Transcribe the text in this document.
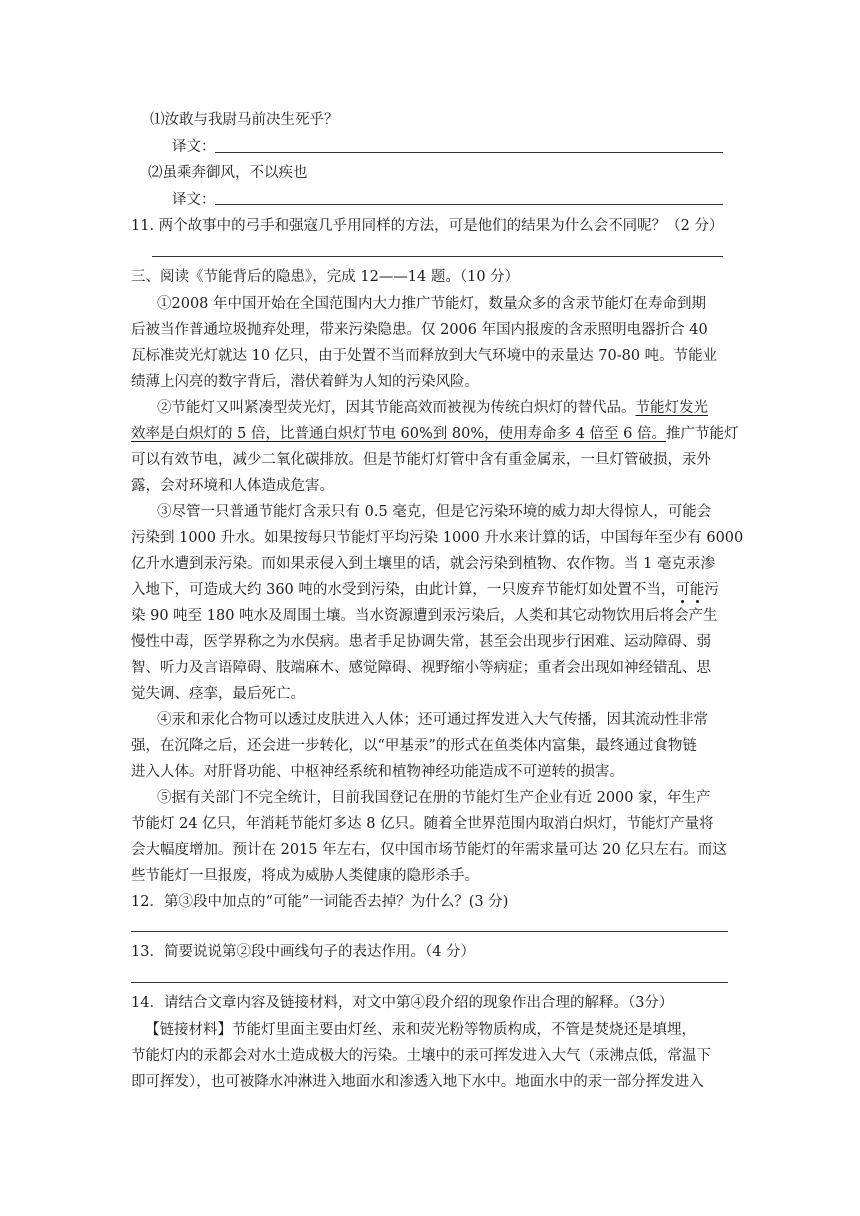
⑴汝敢与我尉马前决生死乎？
译文：
⑵虽乘奔御风，不以疾也
译文：
11. 两个故事中的弓手和强寇几乎用同样的方法，可是他们的结果为什么会不同呢？（2 分）
三、阅读《节能背后的隐患》，完成 12——14 题。（10 分）
①2008 年中国开始在全国范围内大力推广节能灯，数量众多的含汞节能灯在寿命到期
后被当作普通垃圾抛弃处理，带来污染隐患。仅 2006 年国内报废的含汞照明电器折合 40
瓦标准荧光灯就达 10 亿只，由于处置不当而释放到大气环境中的汞量达 70-80 吨。节能业
绩薄上闪亮的数字背后，潜伏着鲜为人知的污染风险。
②节能灯又叫紧凑型荧光灯，因其节能高效而被视为传统白炽灯的替代品。节能灯发光
效率是白炽灯的 5 倍，比普通白炽灯节电 60%到 80%，使用寿命多 4 倍至 6 倍。推广节能灯
可以有效节电，减少二氧化碳排放。但是节能灯灯管中含有重金属汞，一旦灯管破损，汞外
露，会对环境和人体造成危害。
③尽管一只普通节能灯含汞只有 0.5 毫克，但是它污染环境的威力却大得惊人，可能会
污染到 1000 升水。如果按每只节能灯平均污染 1000 升水来计算的话，中国每年至少有 6000
亿升水遭到汞污染。而如果汞侵入到土壤里的话，就会污染到植物、农作物。当 1 毫克汞渗
入地下，可造成大约 360 吨的水受到污染，由此计算，一只废弃节能灯如处置不当，可能污
染 90 吨至 180 吨水及周围土壤。当水资源遭到汞污染后，人类和其它动物饮用后将会产生
慢性中毒，医学界称之为水俣病。患者手足协调失常，甚至会出现步行困难、运动障碍、弱
智、听力及言语障碍、肢端麻木、感觉障碍、视野缩小等病症；重者会出现如神经错乱、思
觉失调、痉挛，最后死亡。
④汞和汞化合物可以透过皮肤进入人体；还可通过挥发进入大气传播，因其流动性非常
强，在沉降之后，还会进一步转化，以“甲基汞”的形式在鱼类体内富集，最终通过食物链
进入人体。对肝肾功能、中枢神经系统和植物神经功能造成不可逆转的损害。
⑤据有关部门不完全统计，目前我国登记在册的节能灯生产企业有近 2000 家，年生产
节能灯 24 亿只，年消耗节能灯多达 8 亿只。随着全世界范围内取消白炽灯，节能灯产量将
会大幅度增加。预计在 2015 年左右，仅中国市场节能灯的年需求量可达 20 亿只左右。而这
些节能灯一旦报废，将成为威胁人类健康的隐形杀手。
12．第③段中加点的“可能”一词能否去掉？为什么？(3 分)
13．简要说说第②段中画线句子的表达作用。（4 分）
14．请结合文章内容及链接材料，对文中第④段介绍的现象作出合理的解释。（3分）
【链接材料】节能灯里面主要由灯丝、汞和荧光粉等物质构成，不管是焚烧还是填埋，
节能灯内的汞都会对水土造成极大的污染。土壤中的汞可挥发进入大气（汞沸点低，常温下
即可挥发），也可被降水冲淋进入地面水和渗透入地下水中。地面水中的汞一部分挥发进入
